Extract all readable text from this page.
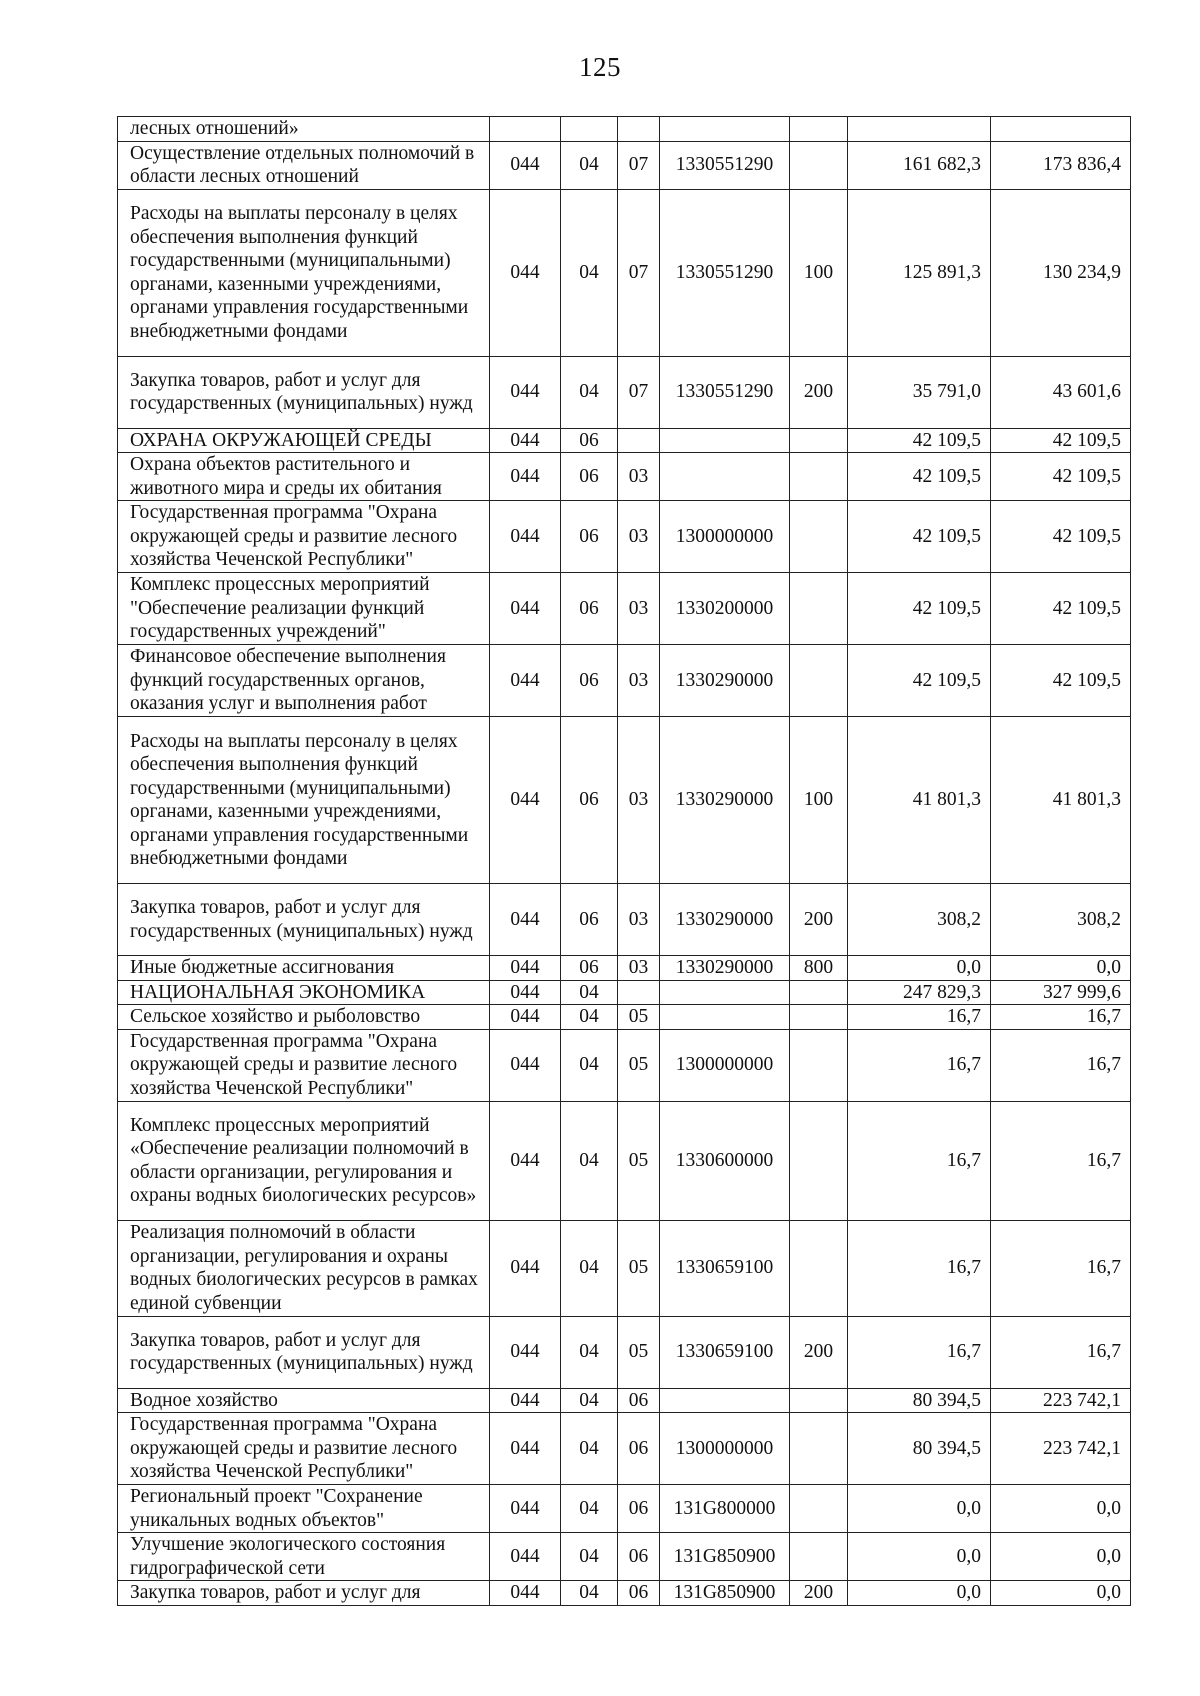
125
лесных отношений»							
Осуществление отдельных полномочий в области лесных отношений	044	04	07	1330551290		161 682,3	173 836,4
Расходы на выплаты персоналу в целях обеспечения выполнения функций государственными (муниципальными) органами, казенными учреждениями, органами управления государственными внебюджетными фондами	044	04	07	1330551290	100	125 891,3	130 234,9
Закупка товаров, работ и услуг для государственных (муниципальных) нужд	044	04	07	1330551290	200	35 791,0	43 601,6
ОХРАНА ОКРУЖАЮЩЕЙ СРЕДЫ	044	06				42 109,5	42 109,5
Охрана объектов растительного и животного мира и среды их обитания	044	06	03			42 109,5	42 109,5
Государственная программа "Охрана окружающей среды и развитие лесного хозяйства Чеченской Республики"	044	06	03	1300000000		42 109,5	42 109,5
Комплекс процессных мероприятий "Обеспечение реализации функций государственных учреждений"	044	06	03	1330200000		42 109,5	42 109,5
Финансовое обеспечение выполнения функций государственных органов, оказания услуг и выполнения работ	044	06	03	1330290000		42 109,5	42 109,5
Расходы на выплаты персоналу в целях обеспечения выполнения функций государственными (муниципальными) органами, казенными учреждениями, органами управления государственными внебюджетными фондами	044	06	03	1330290000	100	41 801,3	41 801,3
Закупка товаров, работ и услуг для государственных (муниципальных) нужд	044	06	03	1330290000	200	308,2	308,2
Иные бюджетные ассигнования	044	06	03	1330290000	800	0,0	0,0
НАЦИОНАЛЬНАЯ ЭКОНОМИКА	044	04				247 829,3	327 999,6
Сельское хозяйство и рыболовство	044	04	05			16,7	16,7
Государственная программа "Охрана окружающей среды и развитие лесного хозяйства Чеченской Республики"	044	04	05	1300000000		16,7	16,7
Комплекс процессных мероприятий «Обеспечение реализации полномочий в области организации, регулирования и охраны водных биологических ресурсов»	044	04	05	1330600000		16,7	16,7
Реализация полномочий в области организации, регулирования и охраны водных биологических ресурсов в рамках единой субвенции	044	04	05	1330659100		16,7	16,7
Закупка товаров, работ и услуг для государственных (муниципальных) нужд	044	04	05	1330659100	200	16,7	16,7
Водное хозяйство	044	04	06			80 394,5	223 742,1
Государственная программа "Охрана окружающей среды и развитие лесного хозяйства Чеченской Республики"	044	04	06	1300000000		80 394,5	223 742,1
Региональный проект "Сохранение уникальных водных объектов"	044	04	06	131G800000		0,0	0,0
Улучшение экологического состояния гидрографической сети	044	04	06	131G850900		0,0	0,0
Закупка товаров, работ и услуг для	044	04	06	131G850900	200	0,0	0,0
